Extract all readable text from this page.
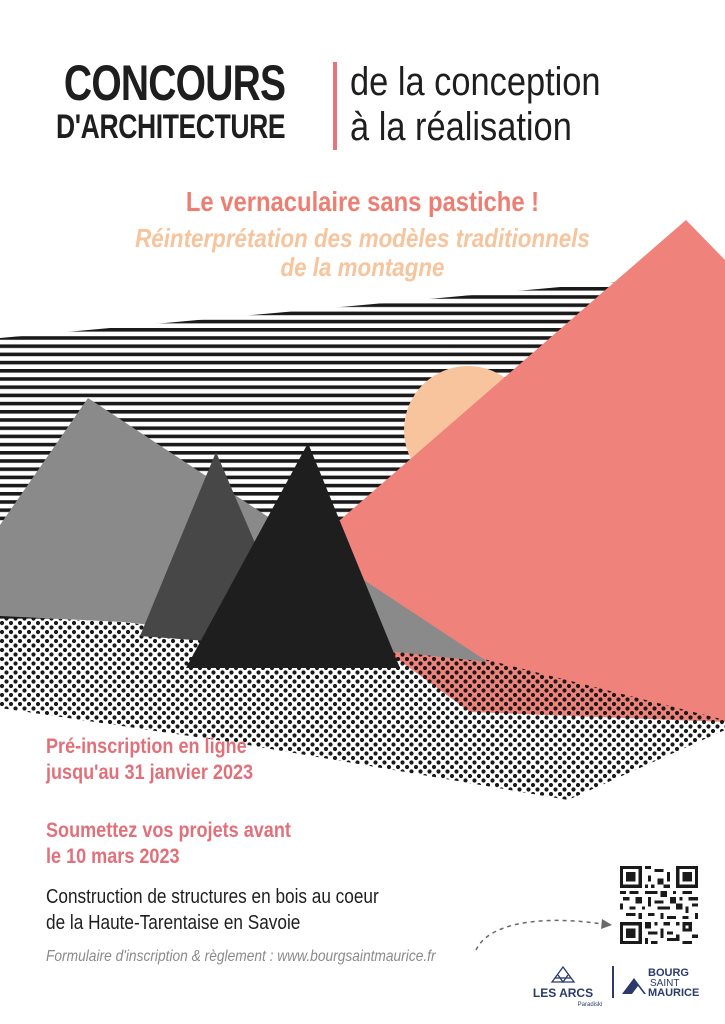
CONCOURS
D'ARCHITECTURE
de la conception
à la réalisation
Le vernaculaire sans pastiche !
Réinterprétation des modèles traditionnels
de la montagne
Pré-inscription en ligne
jusqu'au 31 janvier 2023
Soumettez vos projets avant
le 10 mars 2023
Construction de structures en bois au coeur
de la Haute-Tarentaise en Savoie
Formulaire d'inscription & règlement : www.bourgsaintmaurice.fr
LES ARCS
Paradiski
BOURG
SAINT
MAURICE
